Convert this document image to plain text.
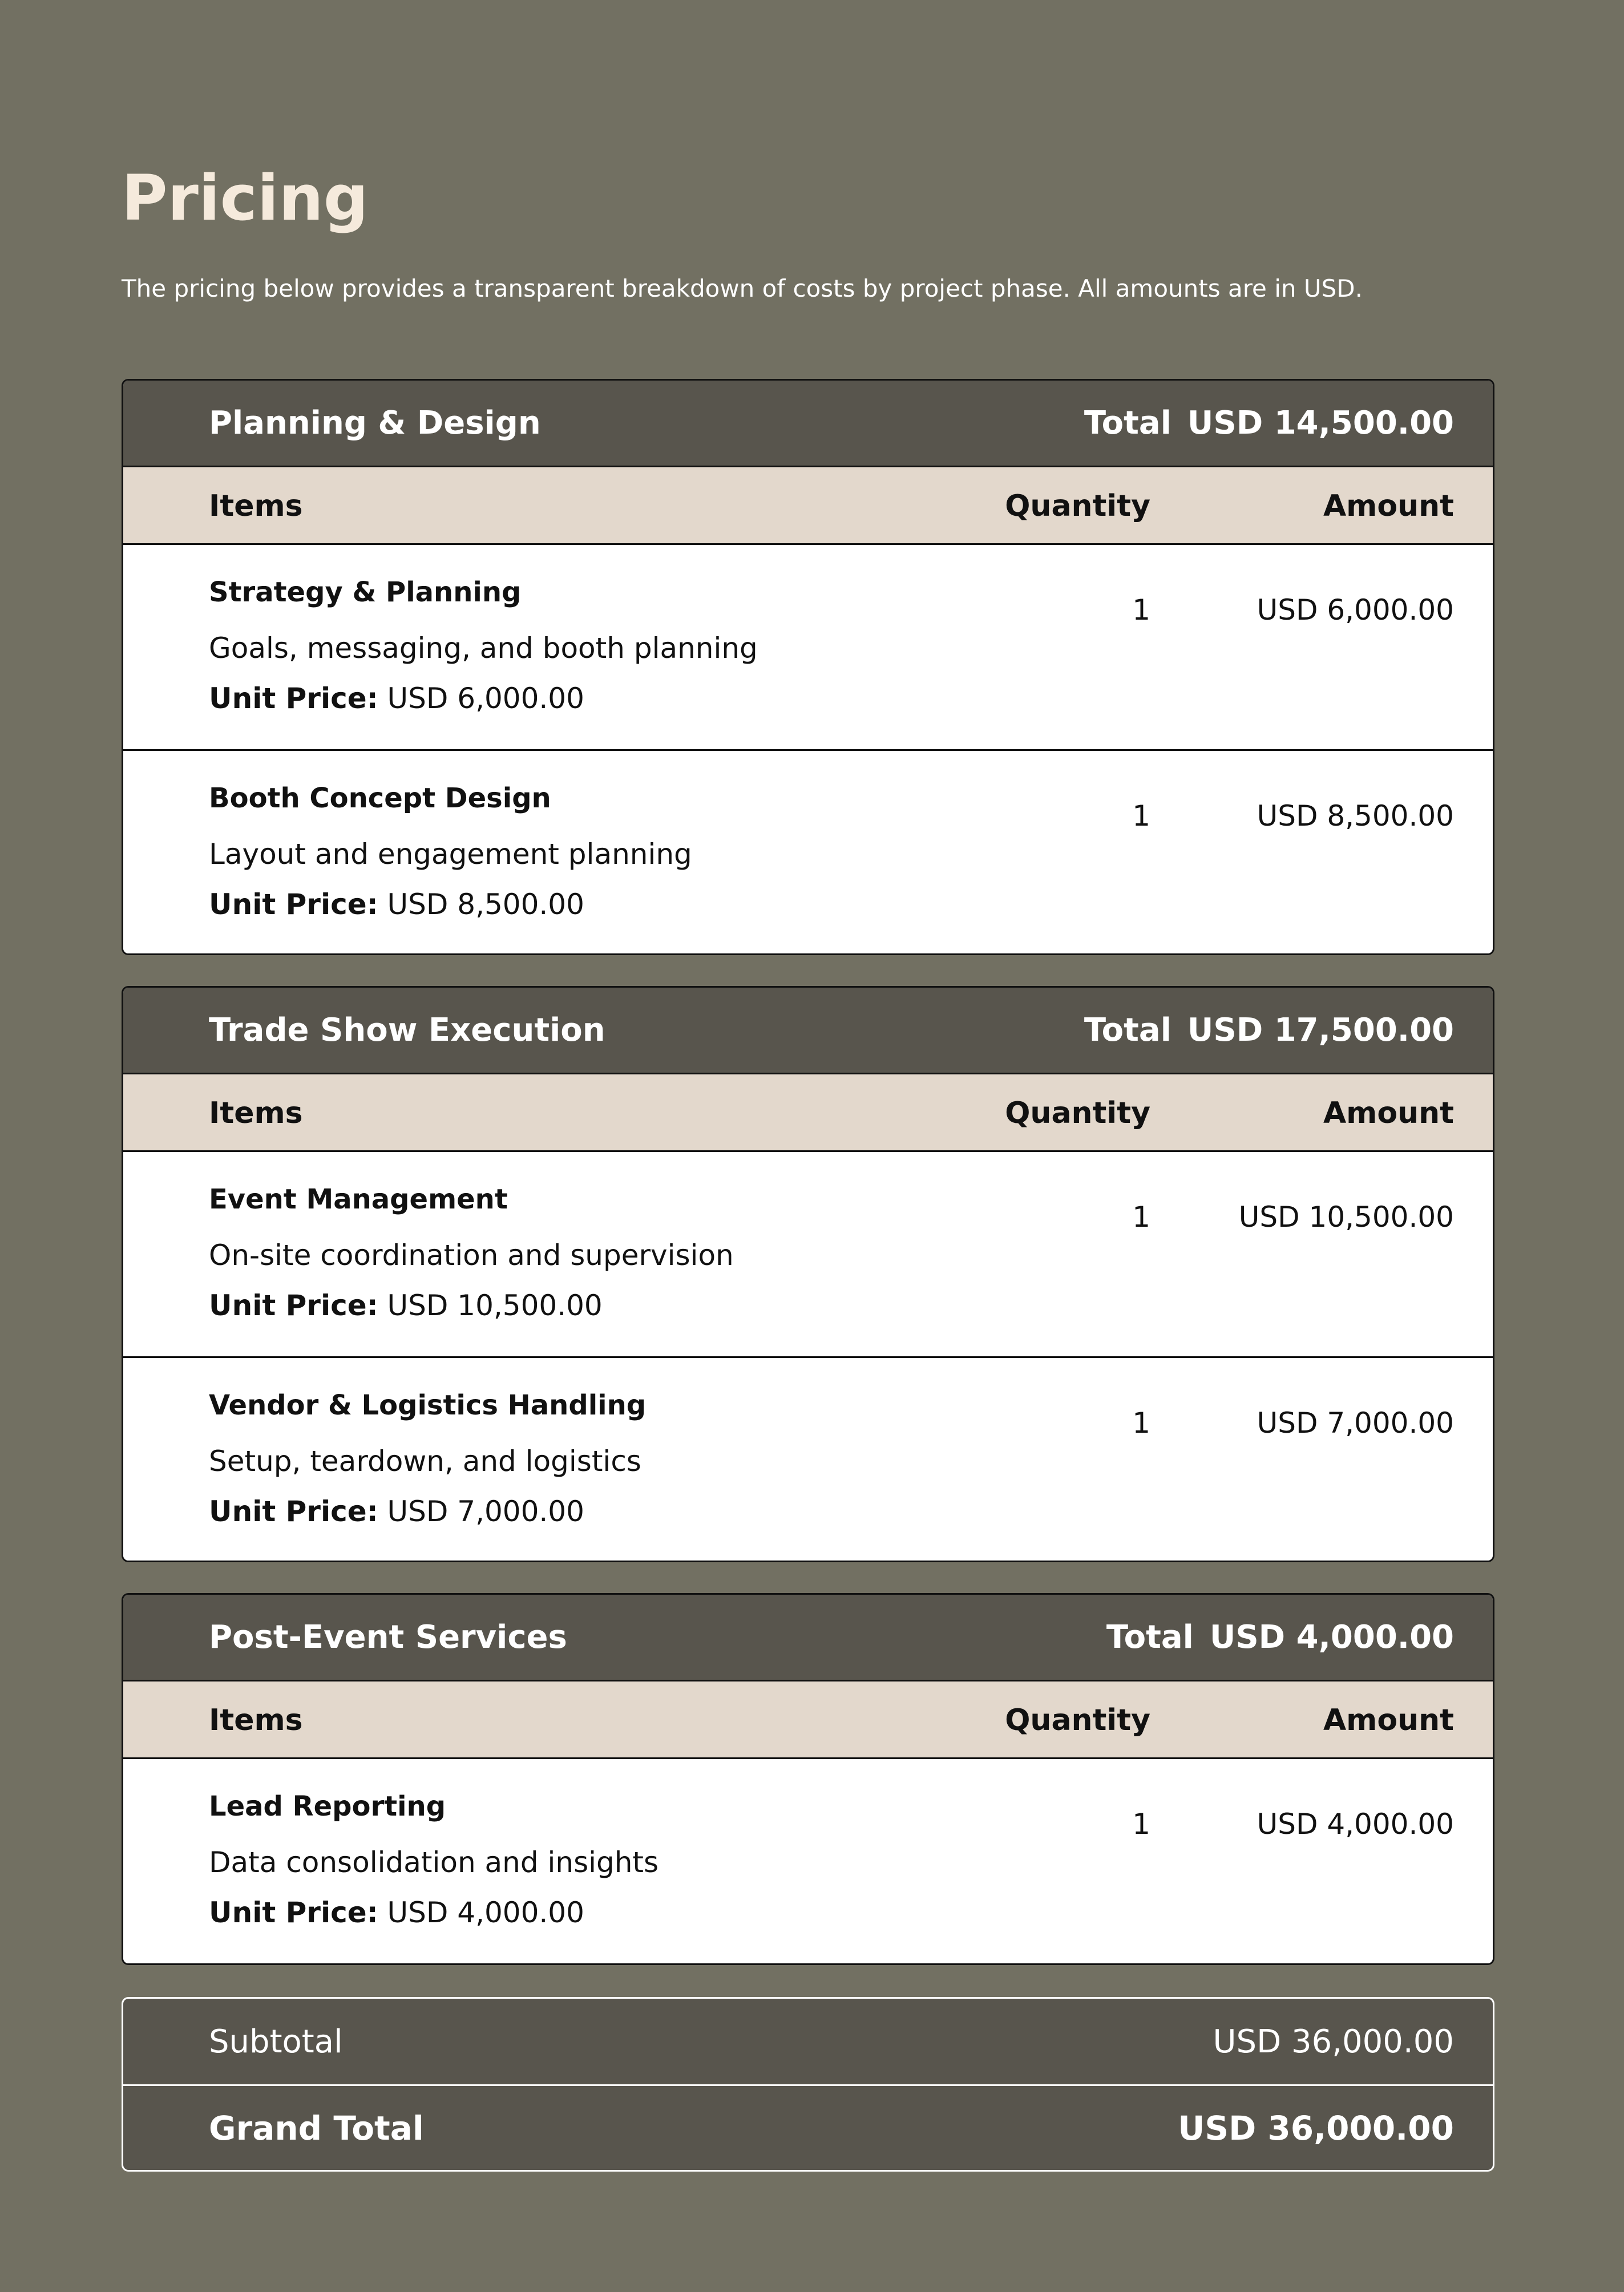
Pricing

The pricing below provides a transparent breakdown of costs by project phase. All amounts are in USD.

Planning & Design	Total USD 14,500.00
Items	Quantity	Amount
Strategy & Planning
Goals, messaging, and booth planning
Unit Price: USD 6,000.00
1	USD 6,000.00
Booth Concept Design
Layout and engagement planning
Unit Price: USD 8,500.00
1	USD 8,500.00
Trade Show Execution	Total USD 17,500.00
Items	Quantity	Amount
Event Management
On-site coordination and supervision
Unit Price: USD 10,500.00
1	USD 10,500.00
Vendor & Logistics Handling
Setup, teardown, and logistics
Unit Price: USD 7,000.00
1	USD 7,000.00
Post-Event Services	Total USD 4,000.00
Items	Quantity	Amount
Lead Reporting
Data consolidation and insights
Unit Price: USD 4,000.00
1	USD 4,000.00
Subtotal	USD 36,000.00
Grand Total	USD 36,000.00
